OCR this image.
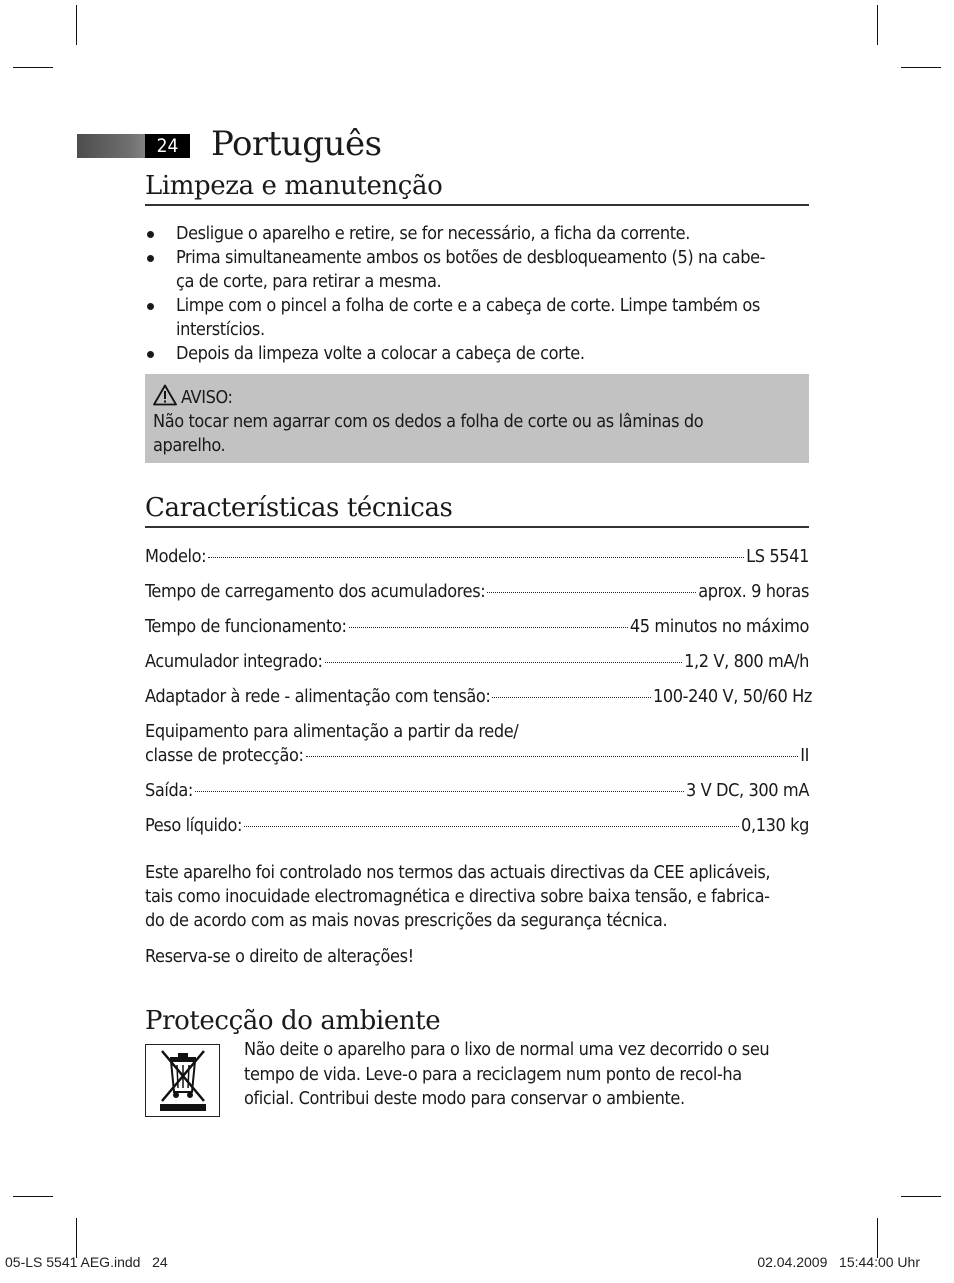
24 Português
Limpeza e manutenção
Desligue o aparelho e retire, se for necessário, a ficha da corrente.
Prima simultaneamente ambos os botões de desbloqueamento (5) na cabe-
ça de corte, para retirar a mesma.
Limpe com o pincel a folha de corte e a cabeça de corte. Limpe também os
interstícios.
Depois da limpeza volte a colocar a cabeça de corte.
AVISO:
Não tocar nem agarrar com os dedos a folha de corte ou as lâminas do
aparelho.
Características técnicas
Modelo:	LS 5541
Tempo de carregamento dos acumuladores:	aprox. 9 horas
Tempo de funcionamento:	45 minutos no máximo
Acumulador integrado:	1,2 V, 800 mA/h
Adaptador à rede - alimentação com tensão:	100-240 V, 50/60 Hz
Equipamento para alimentação a partir da rede/
classe de protecção:	II
Saída:	3 V DC, 300 mA
Peso líquido:	0,130 kg

Este aparelho foi controlado nos termos das actuais directivas da CEE aplicáveis,
tais como inocuidade electromagnética e directiva sobre baixa tensão, e fabrica-
do de acordo com as mais novas prescrições da segurança técnica.

Reserva-se o direito de alterações!

Protecção do ambiente

Não deite o aparelho para o lixo de normal uma vez decorrido o seu
tempo de vida. Leve-o para a reciclagem num ponto de recol-ha
oficial. Contribui deste modo para conservar o ambiente.

05-LS 5541 AEG.indd   24	02.04.2009   15:44:00 Uhr
